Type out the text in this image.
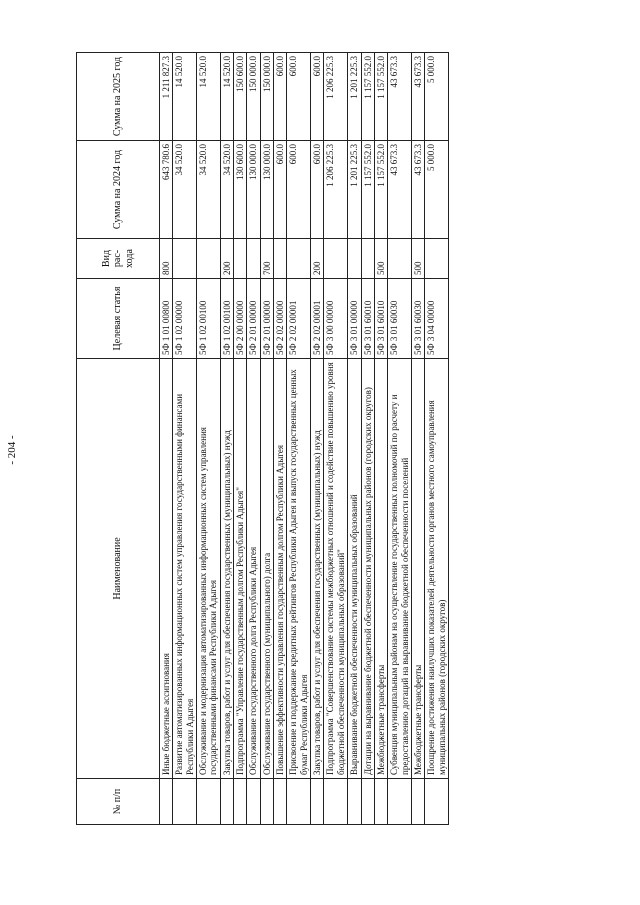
- 204 -
№ п/п	Наименование	Целевая статья	Вид рас- хода	Сумма на 2024 год	Сумма на 2025 год
	Иные бюджетные ассигнования	5Ф 1 01 00800	800	643 780.6	1 211 827.3
	Развитие автоматизированных информационных систем управления государственными финансами Республики Адыгея	5Ф 1 02 00000		34 520.0	14 520.0
	Обслуживание и модернизация автоматизированных информационных систем управления государственными финансами Республики Адыгея	5Ф 1 02 00100		34 520.0	14 520.0
	Закупка товаров, работ и услуг для обеспечения государственных (муниципальных) нужд	5Ф 1 02 00100	200	34 520.0	14 520.0
	Подпрограмма "Управление государственным долгом Республики Адыгея"	5Ф 2 00 00000		130 600.0	150 600.0
	Обслуживание государственного долга Республики Адыгея	5Ф 2 01 00000		130 000.0	150 000.0
	Обслуживание государственного (муниципального) долга	5Ф 2 01 00000	700	130 000.0	150 000.0
	Повышение эффективности управления государственным долгом Республики Адыгея	5Ф 2 02 00000		600.0	600.0
	Присвоение и поддержание кредитных рейтингов Республики Адыгея и выпуск государственных ценных бумаг Республики Адыгея	5Ф 2 02 00001		600.0	600.0
	Закупка товаров, работ и услуг для обеспечения государственных (муниципальных) нужд	5Ф 2 02 00001	200	600.0	600.0
	Подпрограмма "Совершенствование системы межбюджетных отношений и содействие повышению уровня бюджетной обеспеченности муниципальных образований"	5Ф 3 00 00000		1 206 225.3	1 206 225.3
	Выравнивание бюджетной обеспеченности муниципальных образований	5Ф 3 01 00000		1 201 225.3	1 201 225.3
	Дотации на выравнивание бюджетной обеспеченности муниципальных районов (городских округов)	5Ф 3 01 60010		1 157 552.0	1 157 552.0
	Межбюджетные трансферты	5Ф 3 01 60010	500	1 157 552.0	1 157 552.0
	Субвенция муниципальным районам на осуществление государственных полномочий по расчету и предоставлению дотаций на выравнивание бюджетной обеспеченности поселений	5Ф 3 01 60030		43 673.3	43 673.3
	Межбюджетные трансферты	5Ф 3 01 60030	500	43 673.3	43 673.3
	Поощрение достижения наилучших показателей деятельности органов местного самоуправления муниципальных районов (городских округов)	5Ф 3 04 00000		5 000.0	5 000.0
